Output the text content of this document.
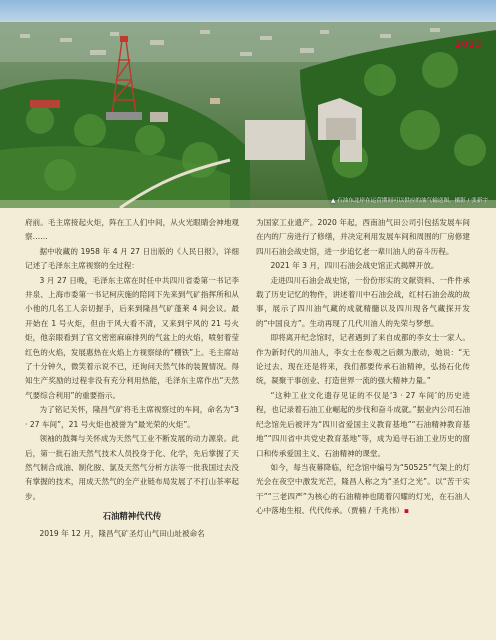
2023
▲ 石油东北岸在运营期间可以供应的油气输送图，摄影 / 张新宇

府前。毛主席接起火炬，阵在工人们中间，从火光眼睛会神地观察……

据中收藏的 1958 年 4 月 27 日出版的《人民日报》，详细记述了毛泽东主席视察的全过程：

3 月 27 日晚，毛泽东主席在时任中共四川省委第一书记李井泉、上海市委第一书记柯庆施的陪同下先来到气矿指挥所和从小他的几名工人亲切握手，后来到隆昌气矿蓬莱 4 间会议。最开始在 1 号火炬，但由于风大看不清，又来到宇风的 21 号火炬，他亲眼看到了官文密密麻麻排列的气盆上的火焰，喷射着莹红色的火焰，发展惠热在火焰上方视察绿的“棚铁”上。毛主席站了十分钟久，微笑着示说不已，还询问天然气体的装置情况。得知生产奖励的过程非没有充分利用热能，毛泽东主席作出“天然气要综合利用”的重要指示。

为了铭记关怀，隆昌气矿将毛主席视察过的车间，命名为“3 · 27 车间”，21 号火炬也被誉为“最光荣的火炬”。

领袖的鼓舞与关怀成为天然气工业不断发展的动力源泉。此后，第一批石油天然气技术人员投身于化、化学，先后掌握了天然气制合成油、制化胺、氯及天然气分析方法等一批我国过去没有掌握的技术，用成天然气的全产业链布局发展了不打山茶率起步。

石油精神代代传

2019 年 12 月，隆昌气矿圣灯山气田山址被命名

为国家工业遗产。2020 年起，西南油气田公司引包括发展车间在内的厂房进行了修缮，并决定利用发展车间和周围的厂房修建四川石油会战史馆，进一步追忆老一辈川油人的奋斗历程。

2021 年 3 月，四川石油会战史馆正式揭牌开放。

走进四川石油会战史馆，一份份形实的文献资料、一件件承载了历史记忆的物件，讲述着川中石油会战，红村石油会战的故事，展示了四川油气藏的成就精髓以及四川现各气藏探开发的“中国良方”。生动再现了几代川油人的先荣与梦想。

即将离开纪念馆时，记者遇到了来自成都的李女士一家人。作为新时代的川油人，李女士在参观之后颇为激动，她说：“无论过去、现在还是将来，我们都要传承石油精神，弘扬石化传统，凝聚干事创业、打造世界一流的强大精神力量。”

“这种工业文化遗存见证的不仅是‘3 · 27 车间’的历史进程，也记录着石油工业崛起的步伐和奋斗成就。”据业内公司石油纪念馆先后被评为“四川省爱国主义教育基地”“石油精神教育基地”“四川省中共党史教育基地”等，成为追寻石油工业历史的窗口和传承爱国主义、石油精神的课堂。

如今，每当夜幕降临，纪念馆中编号为“50525”气架上的灯光会在夜空中激发光芒，隆昌人称之为“圣灯之光”。以“苦干实干”“三老四严”为核心的石油精神也随着闪耀的灯光，在石油人心中落地生根、代代传承。（贾楠 / 千兆伟）▪
